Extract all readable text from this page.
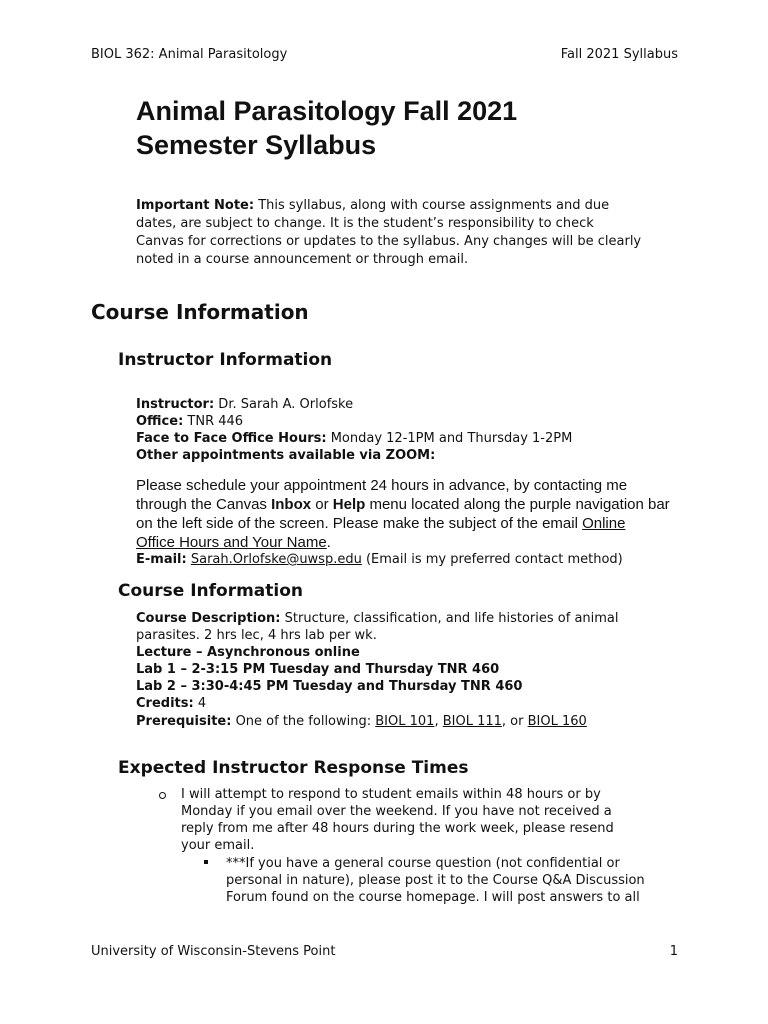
BIOL 362: Animal Parasitology	Fall 2021 Syllabus
Animal Parasitology Fall 2021
Semester Syllabus
Important Note: This syllabus, along with course assignments and due
dates, are subject to change. It is the student’s responsibility to check
Canvas for corrections or updates to the syllabus. Any changes will be clearly
noted in a course announcement or through email.
Course Information
Instructor Information
Instructor: Dr. Sarah A. Orlofske
Office: TNR 446
Face to Face Office Hours: Monday 12-1PM and Thursday 1-2PM
Other appointments available via ZOOM:
Please schedule your appointment 24 hours in advance, by contacting me
through the Canvas Inbox or Help menu located along the purple navigation bar
on the left side of the screen. Please make the subject of the email Online
Office Hours and Your Name.
E-mail: Sarah.Orlofske@uwsp.edu (Email is my preferred contact method)
Course Information
Course Description: Structure, classification, and life histories of animal
parasites. 2 hrs lec, 4 hrs lab per wk.
Lecture – Asynchronous online
Lab 1 – 2-3:15 PM Tuesday and Thursday TNR 460
Lab 2 – 3:30-4:45 PM Tuesday and Thursday TNR 460
Credits: 4
Prerequisite: One of the following: BIOL 101, BIOL 111, or BIOL 160
Expected Instructor Response Times
I will attempt to respond to student emails within 48 hours or by
Monday if you email over the weekend. If you have not received a
reply from me after 48 hours during the work week, please resend
your email.
***If you have a general course question (not confidential or
personal in nature), please post it to the Course Q&A Discussion
Forum found on the course homepage. I will post answers to all
University of Wisconsin-Stevens Point	1
